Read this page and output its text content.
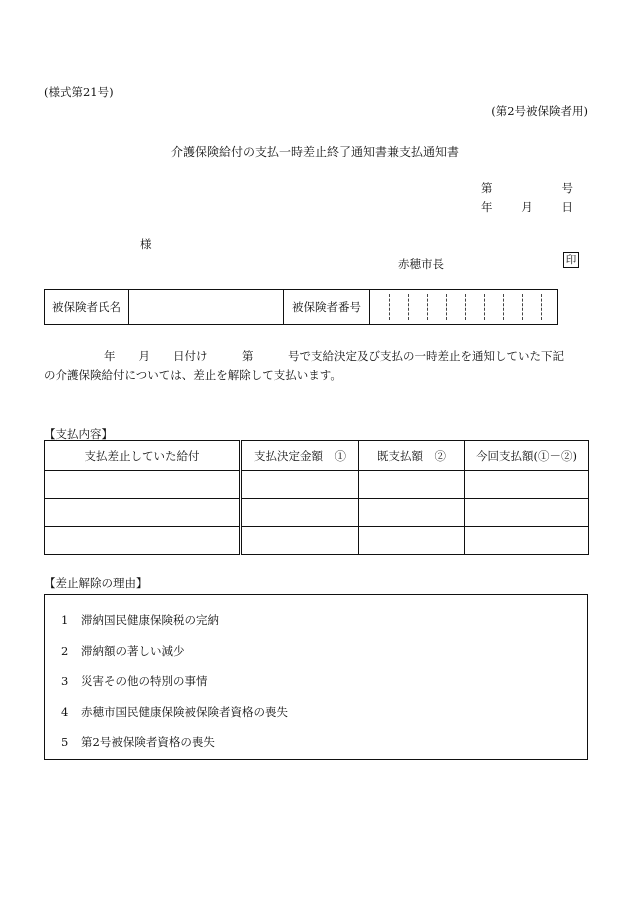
(様式第21号)
(第2号被保険者用)
介護保険給付の支払一時差止終了通知書兼支払通知書
第	号
年	月	日
様
赤穂市長	印
被保険者氏名	被保険者番号
年　　月　　日付け　　　第　　　号で支給決定及び支払の一時差止を通知していた下記
の介護保険給付については、差止を解除して支払います。
【支払内容】
支払差止していた給付	支払決定金額　①	既支払額　②	今回支払額(①－②)

【差止解除の理由】
1	滞納国民健康保険税の完納
2	滞納額の著しい減少
3	災害その他の特別の事情
4	赤穂市国民健康保険被保険者資格の喪失
5	第2号被保険者資格の喪失
